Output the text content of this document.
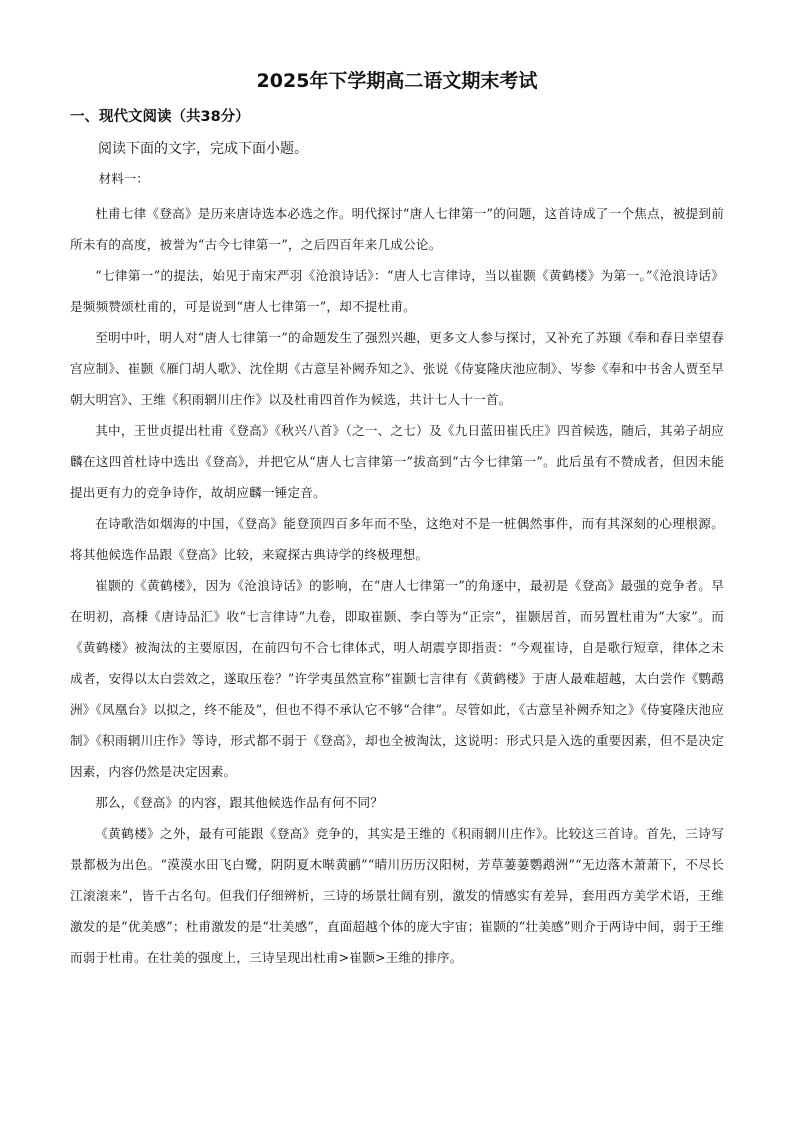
2025年下学期高二语文期末考试
一、现代文阅读（共38分）
阅读下面的文字，完成下面小题。
材料一：

杜甫七律《登高》是历来唐诗选本必选之作。明代探讨“唐人七律第一”的问题，这首诗成了一个焦点，被提到前所未有的高度，被誉为“古今七律第一”，之后四百年来几成公论。

“七律第一”的提法，始见于南宋严羽《沧浪诗话》：“唐人七言律诗，当以崔颢《黄鹤楼》为第一。”《沧浪诗话》是频频赞颂杜甫的，可是说到“唐人七律第一”，却不提杜甫。

至明中叶，明人对“唐人七律第一”的命题发生了强烈兴趣，更多文人参与探讨，又补充了苏颋《奉和春日幸望春宫应制》、崔颢《雁门胡人歌》、沈佺期《古意呈补阙乔知之》、张说《侍宴隆庆池应制》、岑参《奉和中书舍人贾至早朝大明宫》、王维《积雨辋川庄作》以及杜甫四首作为候选，共计七人十一首。

其中，王世贞提出杜甫《登高》《秋兴八首》（之一、之七）及《九日蓝田崔氏庄》四首候选，随后，其弟子胡应麟在这四首杜诗中选出《登高》，并把它从“唐人七言律第一”拔高到“古今七律第一”。此后虽有不赞成者，但因未能提出更有力的竞争诗作，故胡应麟一锤定音。

在诗歌浩如烟海的中国，《登高》能登顶四百多年而不坠，这绝对不是一桩偶然事件，而有其深刻的心理根源。将其他候选作品跟《登高》比较，来窥探古典诗学的终极理想。

崔颢的《黄鹤楼》，因为《沧浪诗话》的影响，在“唐人七律第一”的角逐中，最初是《登高》最强的竞争者。早在明初，高棅《唐诗品汇》收“七言律诗”九卷，即取崔颢、李白等为“正宗”，崔颢居首，而另置杜甫为“大家”。而《黄鹤楼》被淘汰的主要原因，在前四句不合七律体式，明人胡震亨即指责：“今观崔诗，自是歌行短章，律体之未成者，安得以太白尝效之，遂取压卷？”许学夷虽然宣称“崔颢七言律有《黄鹤楼》于唐人最难超越，太白尝作《鹦鹉洲》《凤凰台》以拟之，终不能及”，但也不得不承认它不够“合律”。尽管如此，《古意呈补阙乔知之》《侍宴隆庆池应制》《积雨辋川庄作》等诗，形式都不弱于《登高》，却也全被淘汰，这说明：形式只是入选的重要因素，但不是决定因素，内容仍然是决定因素。

那么，《登高》的内容，跟其他候选作品有何不同？

《黄鹤楼》之外，最有可能跟《登高》竞争的，其实是王维的《积雨辋川庄作》。比较这三首诗。首先，三诗写景都极为出色。“漠漠水田飞白鹭，阴阴夏木啭黄鹂”“晴川历历汉阳树，芳草萋萋鹦鹉洲”“无边落木萧萧下，不尽长江滚滚来”，皆千古名句。但我们仔细辨析，三诗的场景壮阔有别，激发的情感实有差异，套用西方美学术语，王维激发的是“优美感”；杜甫激发的是“壮美感”，直面超越个体的庞大宇宙；崔颢的“壮美感”则介于两诗中间，弱于王维而弱于杜甫。在壮美的强度上，三诗呈现出杜甫>崔颢>王维的排序。
